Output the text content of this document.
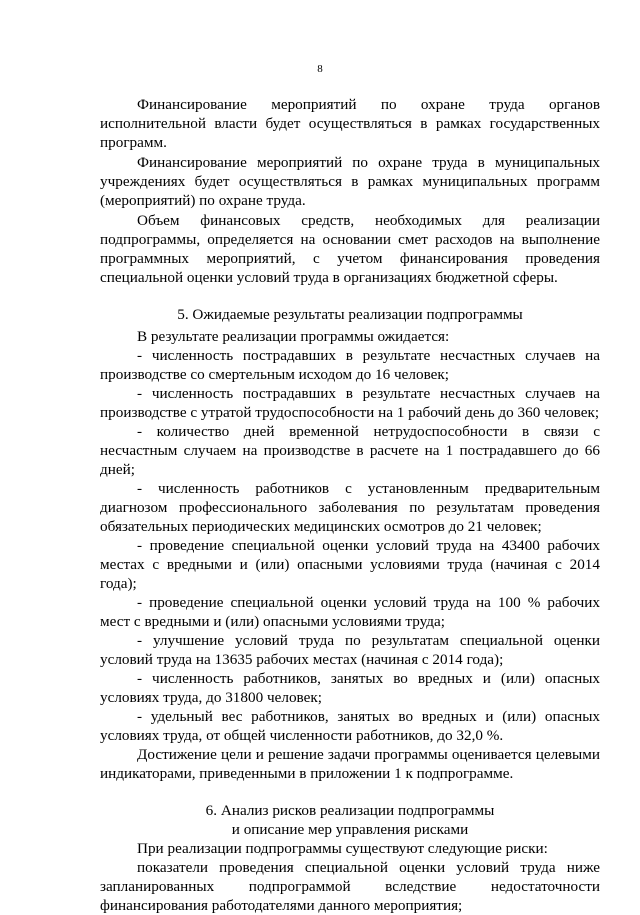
8

Финансирование мероприятий по охране труда органов исполнительной власти будет осуществляться в рамках государственных программ.

Финансирование мероприятий по охране труда в муниципальных учреждениях будет осуществляться в рамках муниципальных программ (мероприятий) по охране труда.

Объем финансовых средств, необходимых для реализации подпрограммы, определяется на основании смет расходов на выполнение программных мероприятий, с учетом финансирования проведения специальной оценки условий труда в организациях бюджетной сферы.

5. Ожидаемые результаты реализации подпрограммы

В результате реализации программы ожидается:

- численность пострадавших в результате несчастных случаев на производстве со смертельным исходом до 16 человек;

- численность пострадавших в результате несчастных случаев на производстве с утратой трудоспособности на 1 рабочий день до 360 человек;

- количество дней временной нетрудоспособности в связи с несчастным случаем на производстве в расчете на 1 пострадавшего до 66 дней;

- численность работников с установленным предварительным диагнозом профессионального заболевания по результатам проведения обязательных периодических медицинских осмотров до 21 человек;

- проведение специальной оценки условий труда на 43400 рабочих местах с вредными и (или) опасными условиями труда (начиная с 2014 года);

- проведение специальной оценки условий труда на 100 % рабочих мест с вредными и (или) опасными условиями труда;

- улучшение условий труда по результатам специальной оценки условий труда на 13635 рабочих местах (начиная с 2014 года);

- численность работников, занятых во вредных и (или) опасных условиях труда, до 31800 человек;

- удельный вес работников, занятых во вредных и (или) опасных условиях труда, от общей численности работников, до 32,0 %.

Достижение цели и решение задачи программы оценивается целевыми индикаторами, приведенными в приложении 1 к подпрограмме.

6. Анализ рисков реализации подпрограммы

и описание мер управления рисками

При реализации подпрограммы существуют следующие риски:

показатели проведения специальной оценки условий труда ниже запланированных подпрограммой вследствие недостаточности финансирования работодателями данного мероприятия;
